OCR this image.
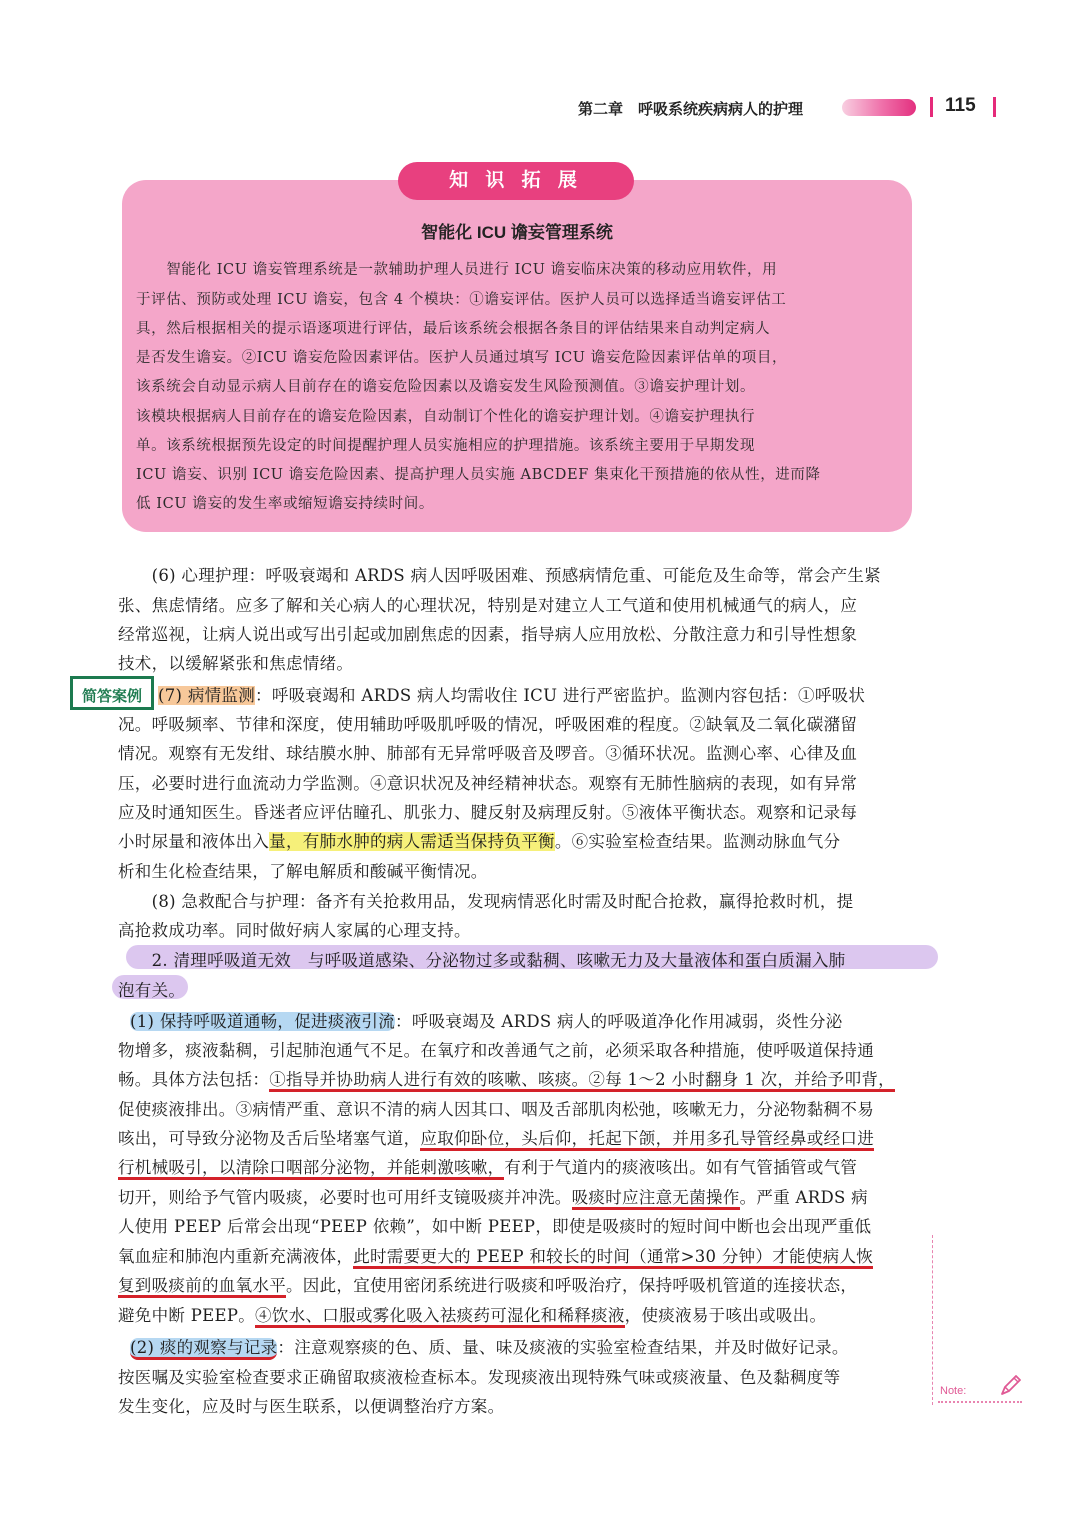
第二章　呼吸系统疾病病人的护理	115
知 识 拓 展
智能化 ICU 谵妄管理系统
　　智能化 ICU 谵妄管理系统是一款辅助护理人员进行 ICU 谵妄临床决策的移动应用软件，用
于评估、预防或处理 ICU 谵妄，包含 4 个模块：①谵妄评估。医护人员可以选择适当谵妄评估工
具，然后根据相关的提示语逐项进行评估，最后该系统会根据各条目的评估结果来自动判定病人
是否发生谵妄。②ICU 谵妄危险因素评估。医护人员通过填写 ICU 谵妄危险因素评估单的项目，
该系统会自动显示病人目前存在的谵妄危险因素以及谵妄发生风险预测值。③谵妄护理计划。
该模块根据病人目前存在的谵妄危险因素，自动制订个性化的谵妄护理计划。④谵妄护理执行
单。该系统根据预先设定的时间提醒护理人员实施相应的护理措施。该系统主要用于早期发现
ICU 谵妄、识别 ICU 谵妄危险因素、提高护理人员实施 ABCDEF 集束化干预措施的依从性，进而降
低 ICU 谵妄的发生率或缩短谵妄持续时间。
　　(6) 心理护理：呼吸衰竭和 ARDS 病人因呼吸困难、预感病情危重、可能危及生命等，常会产生紧
张、焦虑情绪。应多了解和关心病人的心理状况，特别是对建立人工气道和使用机械通气的病人，应
经常巡视，让病人说出或写出引起或加剧焦虑的因素，指导病人应用放松、分散注意力和引导性想象
技术，以缓解紧张和焦虑情绪。
简答案例 (7) 病情监测：呼吸衰竭和 ARDS 病人均需收住 ICU 进行严密监护。监测内容包括：①呼吸状
况。呼吸频率、节律和深度，使用辅助呼吸肌呼吸的情况，呼吸困难的程度。②缺氧及二氧化碳潴留
情况。观察有无发绀、球结膜水肿、肺部有无异常呼吸音及啰音。③循环状况。监测心率、心律及血
压，必要时进行血流动力学监测。④意识状况及神经精神状态。观察有无肺性脑病的表现，如有异常
应及时通知医生。昏迷者应评估瞳孔、肌张力、腱反射及病理反射。⑤液体平衡状态。观察和记录每
小时尿量和液体出入量，有肺水肿的病人需适当保持负平衡。⑥实验室检查结果。监测动脉血气分
析和生化检查结果，了解电解质和酸碱平衡情况。
　　(8) 急救配合与护理：备齐有关抢救用品，发现病情恶化时需及时配合抢救，赢得抢救时机，提
高抢救成功率。同时做好病人家属的心理支持。
　　2. 清理呼吸道无效　与呼吸道感染、分泌物过多或黏稠、咳嗽无力及大量液体和蛋白质漏入肺
泡有关。
(1) 保持呼吸道通畅，促进痰液引流：呼吸衰竭及 ARDS 病人的呼吸道净化作用减弱，炎性分泌
物增多，痰液黏稠，引起肺泡通气不足。在氧疗和改善通气之前，必须采取各种措施，使呼吸道保持通
畅。具体方法包括：①指导并协助病人进行有效的咳嗽、咳痰。②每 1～2 小时翻身 1 次，并给予叩背，
促使痰液排出。③病情严重、意识不清的病人因其口、咽及舌部肌肉松弛，咳嗽无力，分泌物黏稠不易
咳出，可导致分泌物及舌后坠堵塞气道，应取仰卧位，头后仰，托起下颌，并用多孔导管经鼻或经口进
行机械吸引，以清除口咽部分泌物，并能刺激咳嗽，有利于气道内的痰液咳出。如有气管插管或气管
切开，则给予气管内吸痰，必要时也可用纤支镜吸痰并冲洗。吸痰时应注意无菌操作。严重 ARDS 病
人使用 PEEP 后常会出现“PEEP 依赖”，如中断 PEEP，即使是吸痰时的短时间中断也会出现严重低
氧血症和肺泡内重新充满液体，此时需要更大的 PEEP 和较长的时间（通常>30 分钟）才能使病人恢
复到吸痰前的血氧水平。因此，宜使用密闭系统进行吸痰和呼吸治疗，保持呼吸机管道的连接状态，
避免中断 PEEP。④饮水、口服或雾化吸入祛痰药可湿化和稀释痰液，使痰液易于咳出或吸出。
(2) 痰的观察与记录：注意观察痰的色、质、量、味及痰液的实验室检查结果，并及时做好记录。
按医嘱及实验室检查要求正确留取痰液检查标本。发现痰液出现特殊气味或痰液量、色及黏稠度等
发生变化，应及时与医生联系，以便调整治疗方案。
Note:
